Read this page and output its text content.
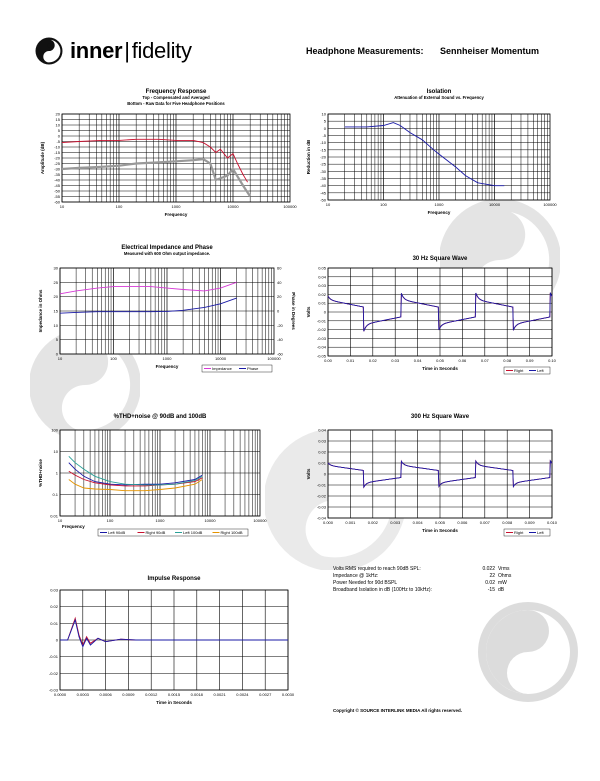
inner|fidelity	Headphone Measurements: Sennheiser Momentum
Frequency Response
Top - Compensated and Averaged
Bottom - Raw Data for Five Headphone Positions
10	100	1000	10000	100000
20
15
10
5
0
-5
-10
-15
-20
-25
-30
-35
-40
-45
-50
-55
-60
Frequency
Amplitude (dB)
Isolation
Attenuation of External Sound vs. Frequency
10	100	1000	10000	100000
10
5
0
-5
-10
-15
-20
-25
-30
-35
-40
-45
-50
Frequency
Reduction in dB
Electrical Impedance and Phase
Measured with 600 Ohm output impedance.
10	100	1000	10000	100000
30
25
20
15
10
5
0
60
40
20
0
-20
-40
-60
Frequency
Impedance in Ohms	Phase in Degrees
Impedance	Phase
30 Hz Square Wave
0.00	0.01	0.02	0.03	0.04	0.05	0.06	0.07	0.08	0.09	0.10
0.05
0.04
0.03
0.02
0.01
0
-0.01
-0.02
-0.03
-0.04
-0.05
Time in Seconds
Volts
Right	Left
%THD+noise @ 90dB and 100dB
10	100	1000	10000	100000
100
10
1
0.1
0.01
Frequency
%THD+noise
Left 90dB	Right 90dB	Left 100dB	Right 100dB
300 Hz Square Wave
0.000	0.001	0.002	0.003	0.004	0.005	0.006	0.007	0.008	0.009	0.010
0.04
0.03
0.02
0.01
0
-0.01
-0.02
-0.03
-0.04
Time in Seconds
Volts
Right	Left
Impulse Response
0.0000	0.0003	0.0006	0.0009	0.0012	0.0015	0.0018	0.0021	0.0024	0.0027	0.0030
0.03
0.02
0.01
0
-0.01
-0.02
-0.03
Time in Seconds
Volts RMS required to reach 90dB SPL:	0.022 Vrms
Impedance @ 1kHz:	22 Ohms
Power Needed for 90d BSPL	0.02 mW
Broadband Isolation in dB (100Hz to 10kHz):	-15 dB
Copyright © SOURCE INTERLINK MEDIA All rights reserved.
